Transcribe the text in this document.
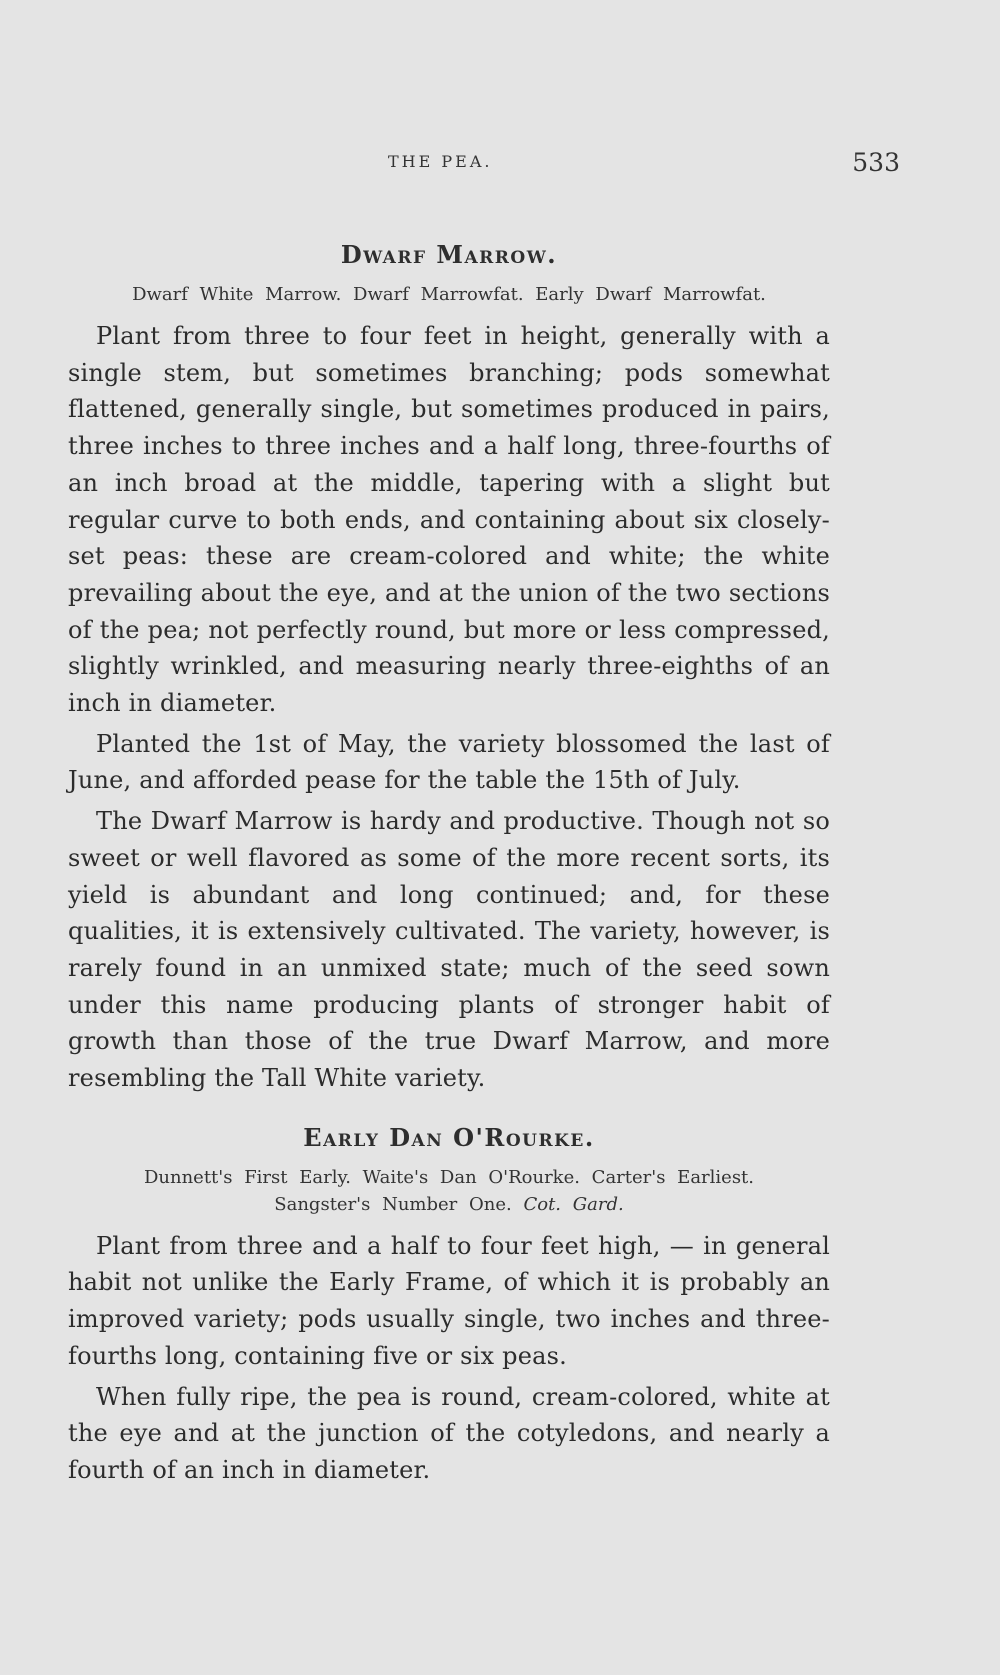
THE PEA.	533
Dwarf Marrow.

Dwarf White Marrow. Dwarf Marrowfat. Early Dwarf Marrowfat.

Plant from three to four feet in height, generally with a single stem, but sometimes branching; pods somewhat flattened, generally single, but sometimes produced in pairs, three inches to three inches and a half long, three-fourths of an inch broad at the middle, tapering with a slight but regular curve to both ends, and containing about six closely-set peas: these are cream-colored and white; the white prevailing about the eye, and at the union of the two sections of the pea; not perfectly round, but more or less compressed, slightly wrinkled, and measuring nearly three-eighths of an inch in diameter.

Planted the 1st of May, the variety blossomed the last of June, and afforded pease for the table the 15th of July.

The Dwarf Marrow is hardy and productive. Though not so sweet or well flavored as some of the more recent sorts, its yield is abundant and long continued; and, for these qualities, it is extensively cultivated. The variety, however, is rarely found in an unmixed state; much of the seed sown under this name producing plants of stronger habit of growth than those of the true Dwarf Marrow, and more resembling the Tall White variety.

Early Dan O'Rourke.

Dunnett's First Early. Waite's Dan O'Rourke. Carter's Earliest.
Sangster's Number One. Cot. Gard.

Plant from three and a half to four feet high, — in general habit not unlike the Early Frame, of which it is probably an improved variety; pods usually single, two inches and three-fourths long, containing five or six peas.

When fully ripe, the pea is round, cream-colored, white at the eye and at the junction of the cotyledons, and nearly a fourth of an inch in diameter.
